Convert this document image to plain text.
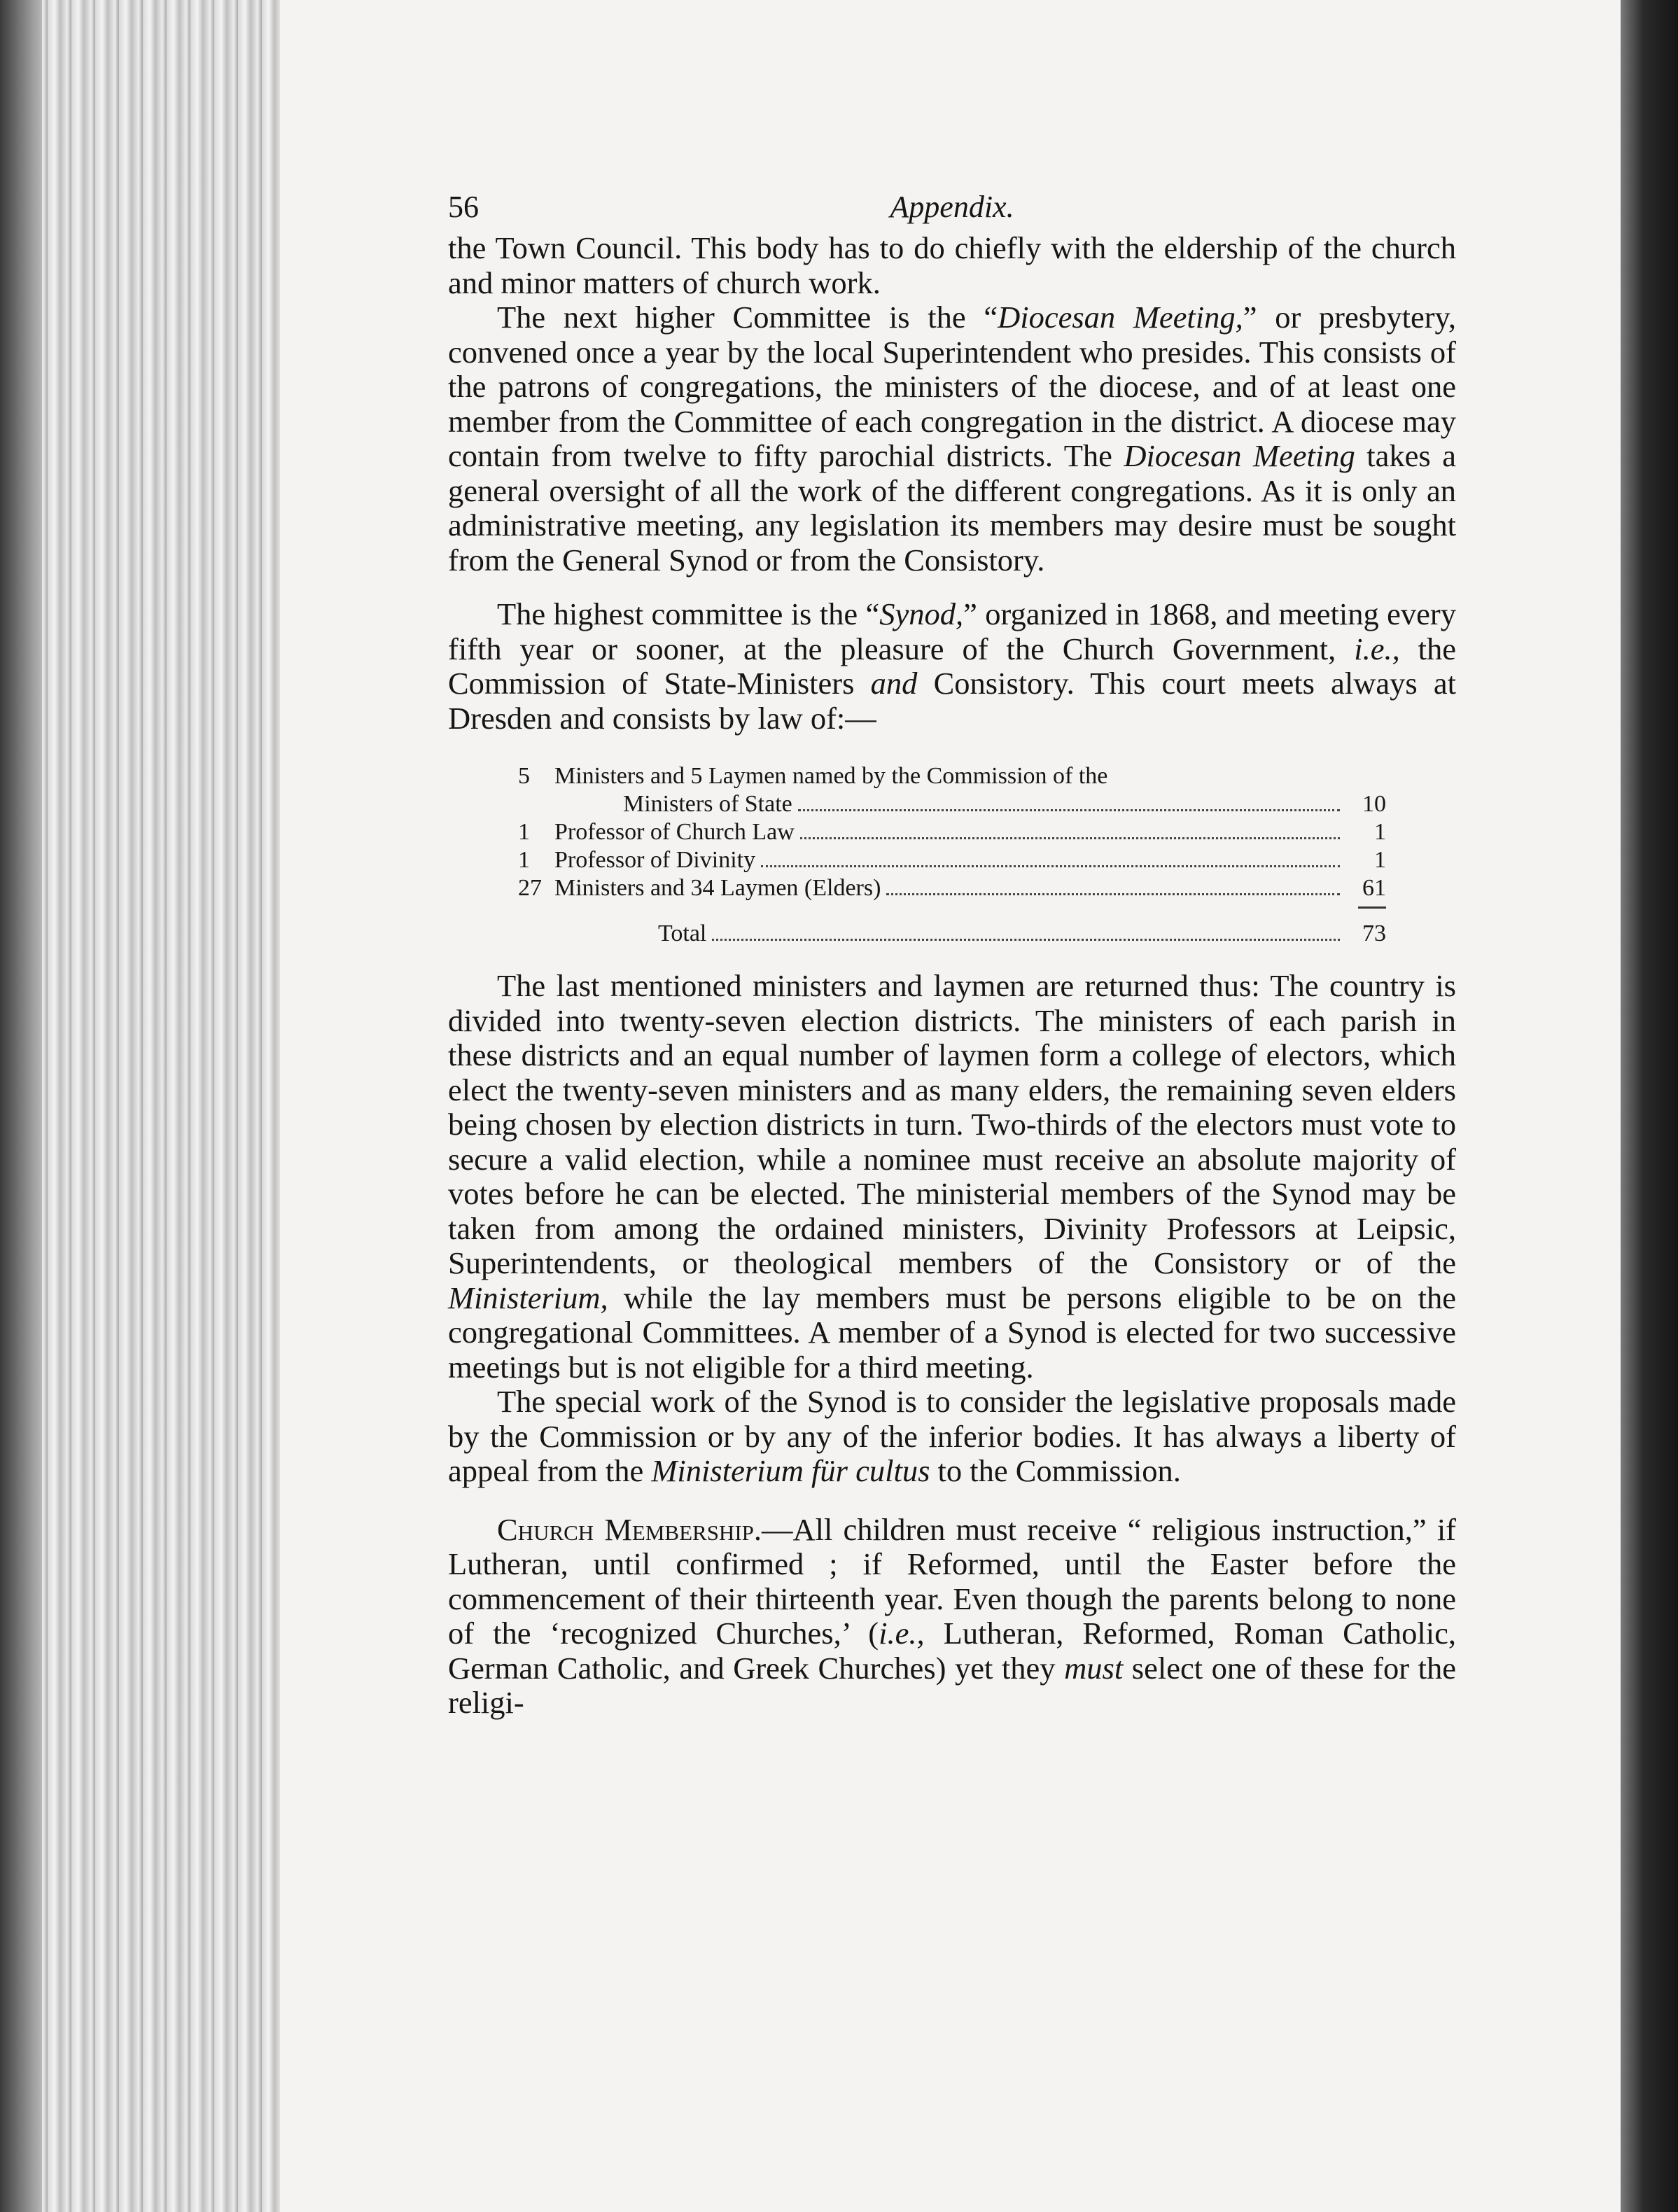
56	Appendix.

the Town Council. This body has to do chiefly with the eldership of the church and minor matters of church work.

The next higher Committee is the “Diocesan Meeting,” or presbytery, convened once a year by the local Superintendent who presides. This consists of the patrons of congregations, the ministers of the diocese, and of at least one member from the Committee of each congregation in the district. A diocese may contain from twelve to fifty parochial districts. The Diocesan Meeting takes a general oversight of all the work of the different congregations. As it is only an administrative meeting, any legislation its members may desire must be sought from the General Synod or from the Consistory.

The highest committee is the “Synod,” organized in 1868, and meeting every fifth year or sooner, at the pleasure of the Church Government, i.e., the Commission of State-Ministers and Consistory. This court meets always at Dresden and consists by law of:—

5	Ministers and 5 Laymen named by the Commission of the
Ministers of State	10
1	Professor of Church Law	1
1	Professor of Divinity	1
27 Ministers and 34 Laymen (Elders)	61
Total	73

The last mentioned ministers and laymen are returned thus: The country is divided into twenty-seven election districts. The ministers of each parish in these districts and an equal number of laymen form a college of electors, which elect the twenty-seven ministers and as many elders, the remaining seven elders being chosen by election districts in turn. Two-thirds of the electors must vote to secure a valid election, while a nominee must receive an absolute majority of votes before he can be elected. The ministerial members of the Synod may be taken from among the ordained ministers, Divinity Professors at Leipsic, Superintendents, or theological members of the Consistory or of the Ministerium, while the lay members must be persons eligible to be on the congregational Committees. A member of a Synod is elected for two successive meetings but is not eligible for a third meeting.

The special work of the Synod is to consider the legislative proposals made by the Commission or by any of the inferior bodies. It has always a liberty of appeal from the Ministerium für cultus to the Commission.

Church Membership.—All children must receive “ religious instruction,” if Lutheran, until confirmed ; if Reformed, until the Easter before the commencement of their thirteenth year. Even though the parents belong to none of the ‘recognized Churches,’ (i.e., Lutheran, Reformed, Roman Catholic, German Catholic, and Greek Churches) yet they must select one of these for the religi-
